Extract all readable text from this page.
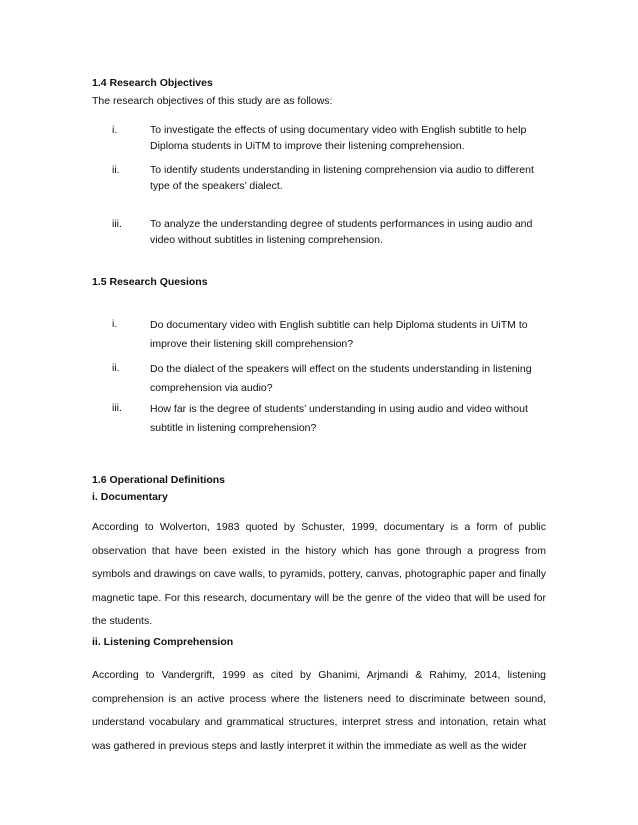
1.4 Research Objectives
The research objectives of this study are as follows:
i.	To investigate the effects of using documentary video with English subtitle to help Diploma students in UiTM to improve their listening comprehension.
ii.	To identify students understanding in listening comprehension via audio to different type of the speakers’ dialect.
iii.	To analyze the understanding degree of students performances in using audio and video without subtitles in listening comprehension.
1.5 Research Quesions
i.	Do documentary video with English subtitle can help Diploma students in UiTM to improve their listening skill comprehension?
ii.	Do the dialect of the speakers will effect on the students understanding in listening comprehension via audio?
iii.	How far is the degree of students’ understanding in using audio and video without subtitle in listening comprehension?
1.6 Operational Definitions
i. Documentary
According to Wolverton, 1983 quoted by Schuster, 1999, documentary is a form of public observation that have been existed in the history which has gone through a progress from symbols and drawings on cave walls, to pyramids, pottery, canvas, photographic paper and finally magnetic tape. For this research, documentary will be the genre of the video that will be used for the students.
ii. Listening Comprehension
According to Vandergrift, 1999 as cited by Ghanimi, Arjmandi & Rahimy, 2014, listening comprehension is an active process where the listeners need to discriminate between sound, understand vocabulary and grammatical structures, interpret stress and intonation, retain what was gathered in previous steps and lastly interpret it within the immediate as well as the wider
